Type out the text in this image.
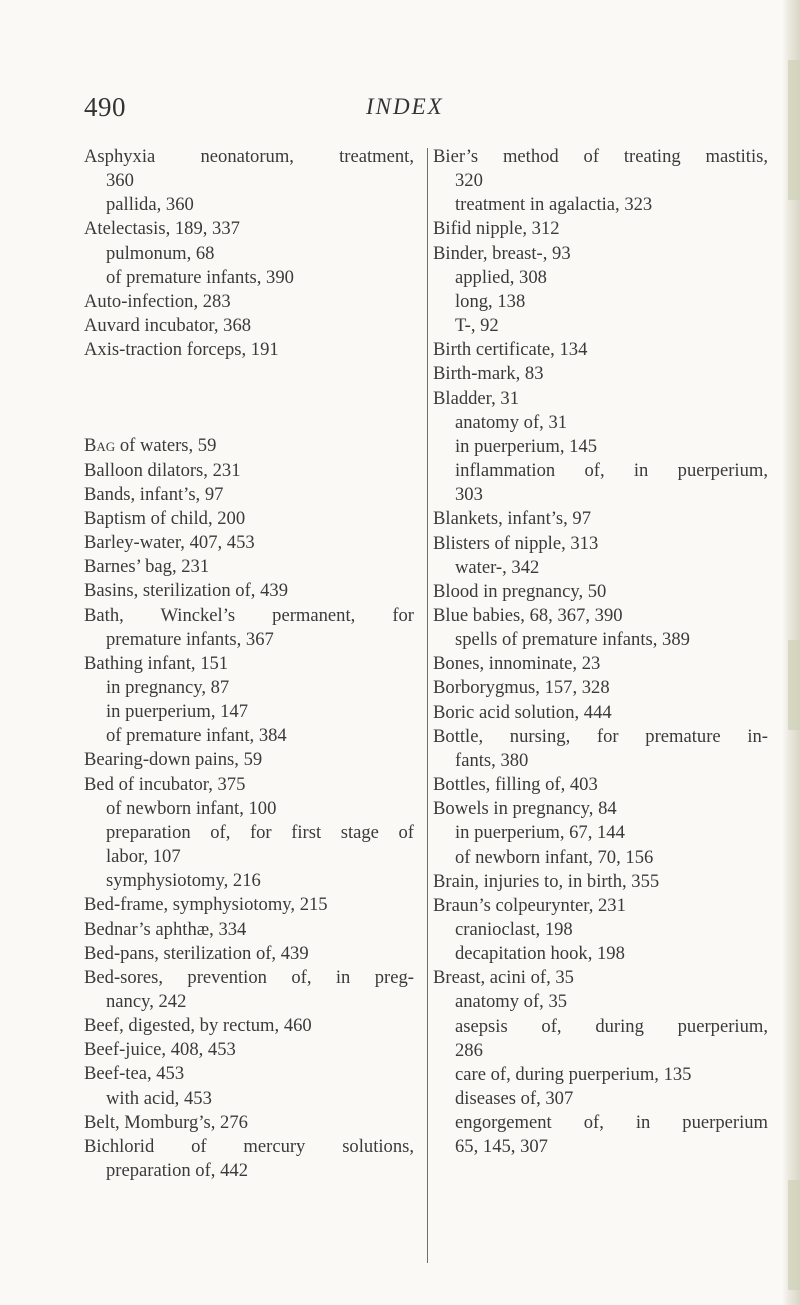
490	INDEX
Asphyxia neonatorum, treatment,
360
pallida, 360
Atelectasis, 189, 337
pulmonum, 68
of premature infants, 390
Auto-infection, 283
Auvard incubator, 368
Axis-traction forceps, 191
Bag of waters, 59
Balloon dilators, 231
Bands, infant’s, 97
Baptism of child, 200
Barley-water, 407, 453
Barnes’ bag, 231
Basins, sterilization of, 439
Bath, Winckel’s permanent, for
premature infants, 367
Bathing infant, 151
in pregnancy, 87
in puerperium, 147
of premature infant, 384
Bearing-down pains, 59
Bed of incubator, 375
of newborn infant, 100
preparation of, for first stage of
labor, 107
symphysiotomy, 216
Bed-frame, symphysiotomy, 215
Bednar’s aphthæ, 334
Bed-pans, sterilization of, 439
Bed-sores, prevention of, in preg-
nancy, 242
Beef, digested, by rectum, 460
Beef-juice, 408, 453
Beef-tea, 453
with acid, 453
Belt, Momburg’s, 276
Bichlorid of mercury solutions,
preparation of, 442
Bier’s method of treating mastitis,
320
treatment in agalactia, 323
Bifid nipple, 312
Binder, breast-, 93
applied, 308
long, 138
T-, 92
Birth certificate, 134
Birth-mark, 83
Bladder, 31
anatomy of, 31
in puerperium, 145
inflammation of, in puerperium,
303
Blankets, infant’s, 97
Blisters of nipple, 313
water-, 342
Blood in pregnancy, 50
Blue babies, 68, 367, 390
spells of premature infants, 389
Bones, innominate, 23
Borborygmus, 157, 328
Boric acid solution, 444
Bottle, nursing, for premature in-
fants, 380
Bottles, filling of, 403
Bowels in pregnancy, 84
in puerperium, 67, 144
of newborn infant, 70, 156
Brain, injuries to, in birth, 355
Braun’s colpeurynter, 231
cranioclast, 198
decapitation hook, 198
Breast, acini of, 35
anatomy of, 35
asepsis of, during puerperium,
286
care of, during puerperium, 135
diseases of, 307
engorgement of, in puerperium
65, 145, 307
